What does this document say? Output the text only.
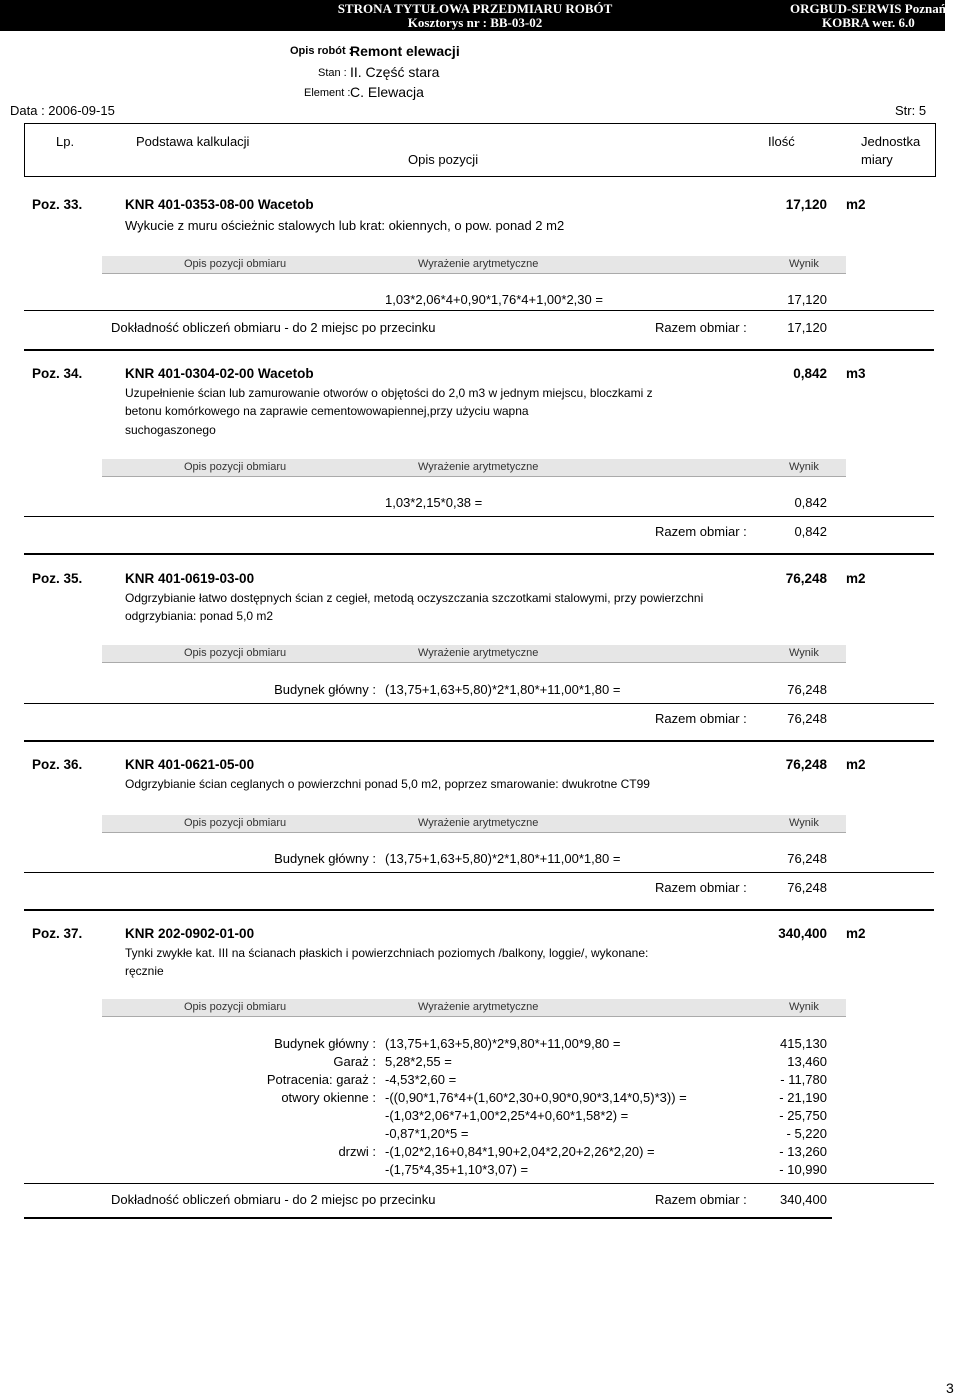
STRONA TYTUŁOWA PRZEDMIARU ROBÓT
Kosztorys nr : BB-03-02
ORGBUD-SERWIS Poznań
KOBRA wer. 6.0
Opis robót :
Remont elewacji
Stan : II. Część stara
Element : C. Elewacja
Data : 2006-09-15	Str: 5
Lp.	Podstawa kalkulacji
Opis pozycji
Ilość	Jednostka
miary
Poz. 33.	KNR 401-0353-08-00 Wacetob	17,120 m2
Wykucie z muru ościeżnic stalowych lub krat: okiennych, o pow. ponad 2 m2
Opis pozycji obmiaru	Wyrażenie arytmetyczne	Wynik
1,03*2,06*4+0,90*1,76*4+1,00*2,30 =	17,120
Dokładność obliczeń obmiaru - do 2 miejsc po przecinku	Razem obmiar :	17,120
Poz. 34.	KNR 401-0304-02-00 Wacetob	0,842 m3
Uzupełnienie ścian lub zamurowanie otworów o objętości do 2,0 m3 w jednym miejscu, bloczkami z
betonu komórkowego na zaprawie cementowowapiennej,przy użyciu wapna
suchogaszonego
Opis pozycji obmiaru	Wyrażenie arytmetyczne	Wynik
1,03*2,15*0,38 =	0,842
Razem obmiar :	0,842
Poz. 35.	KNR 401-0619-03-00	76,248 m2
Odgrzybianie łatwo dostępnych ścian z cegieł, metodą oczyszczania szczotkami stalowymi, przy powierzchni
odgrzybiania: ponad 5,0 m2
Opis pozycji obmiaru	Wyrażenie arytmetyczne	Wynik
Budynek główny : (13,75+1,63+5,80)*2*1,80*+11,00*1,80 =	76,248
Razem obmiar :	76,248
Poz. 36.	KNR 401-0621-05-00	76,248 m2
Odgrzybianie ścian ceglanych o powierzchni ponad 5,0 m2, poprzez smarowanie: dwukrotne CT99
Opis pozycji obmiaru	Wyrażenie arytmetyczne	Wynik
Budynek główny : (13,75+1,63+5,80)*2*1,80*+11,00*1,80 =	76,248
Razem obmiar :	76,248
Poz. 37.	KNR 202-0902-01-00	340,400 m2
Tynki zwykłe kat. III na ścianach płaskich i powierzchniach poziomych /balkony, loggie/, wykonane:
ręcznie
Opis pozycji obmiaru	Wyrażenie arytmetyczne	Wynik
Budynek główny : (13,75+1,63+5,80)*2*9,80*+11,00*9,80 =	415,130
Garaż : 5,28*2,55 =	13,460
Potracenia: garaż : -4,53*2,60 =	- 11,780
otwory okienne : -((0,90*1,76*4+(1,60*2,30+0,90*0,90*3,14*0,5)*3)) =	- 21,190
-(1,03*2,06*7+1,00*2,25*4+0,60*1,58*2) =	- 25,750
-0,87*1,20*5 =	- 5,220
drzwi : -(1,02*2,16+0,84*1,90+2,04*2,20+2,26*2,20) =	- 13,260
-(1,75*4,35+1,10*3,07) =	- 10,990
Dokładność obliczeń obmiaru - do 2 miejsc po przecinku	Razem obmiar :	340,400
3
